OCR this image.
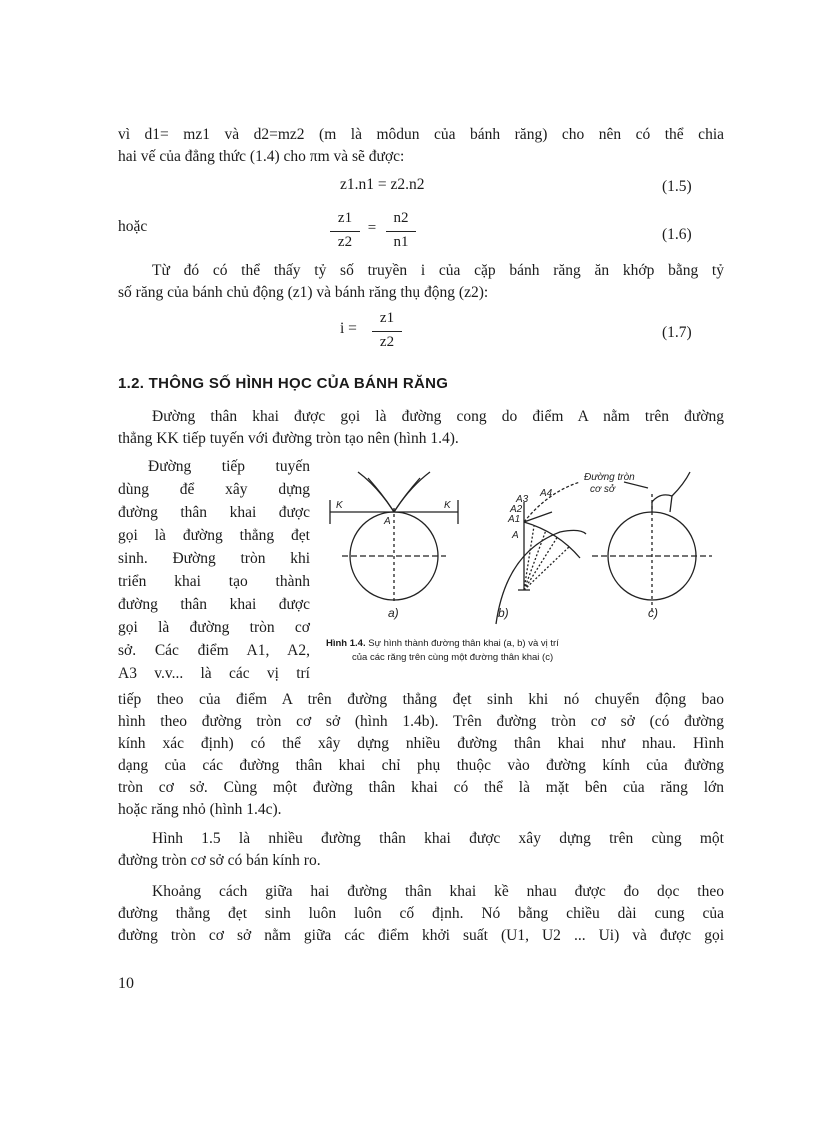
vì d1= mz1 và d2=mz2 (m là môdun của bánh răng) cho nên có thể chia
hai vế của đẳng thức (1.4) cho πm và sẽ được:
z1.n1 = z2.n2	(1.5)
hoặc	z1
z2
=
n2
n1	(1.6)
Từ đó có thể thấy tỷ số truyền i của cặp bánh răng ăn khớp bằng tỷ
số răng của bánh chủ động (z1) và bánh răng thụ động (z2):
i =
z1
z2
(1.7)
1.2. THÔNG SỐ HÌNH HỌC CỦA BÁNH RĂNG
Đường thân khai được gọi là đường cong do điểm A nằm trên đường
thẳng KK tiếp tuyến với đường tròn tạo nên (hình 1.4).
Đường tiếp tuyến
dùng để xây dựng
đường thân khai được
gọi là đường thẳng đẹt
sinh. Đường tròn khi
triển khai tạo thành
đường thân khai được
gọi là đường tròn cơ
sở. Các điểm A1, A2,
A3 v.v... là các vị trí
K	K
A
A
A1
A2
A3
A4
Đường tròn
cơ sở
a)	b)	c)
Hình 1.4. Sự hình thành đường thân khai (a, b) và vị trí
của các răng trên cùng một đường thân khai (c)
tiếp theo của điểm A trên đường thẳng đẹt sinh khi nó chuyển động bao
hình theo đường tròn cơ sở (hình 1.4b). Trên đường tròn cơ sở (có đường
kính xác định) có thể xây dựng nhiều đường thân khai như nhau. Hình
dạng của các đường thân khai chỉ phụ thuộc vào đường kính của đường
tròn cơ sở. Cùng một đường thân khai có thể là mặt bên của răng lớn
hoặc răng nhỏ (hình 1.4c).
Hình 1.5 là nhiều đường thân khai được xây dựng trên cùng một
đường tròn cơ sở có bán kính ro.
Khoảng cách giữa hai đường thân khai kề nhau được đo dọc theo
đường thẳng đẹt sinh luôn luôn cố định. Nó bằng chiều dài cung của
đường tròn cơ sở nằm giữa các điểm khởi suất (U1, U2 ... Ui) và được gọi
10
